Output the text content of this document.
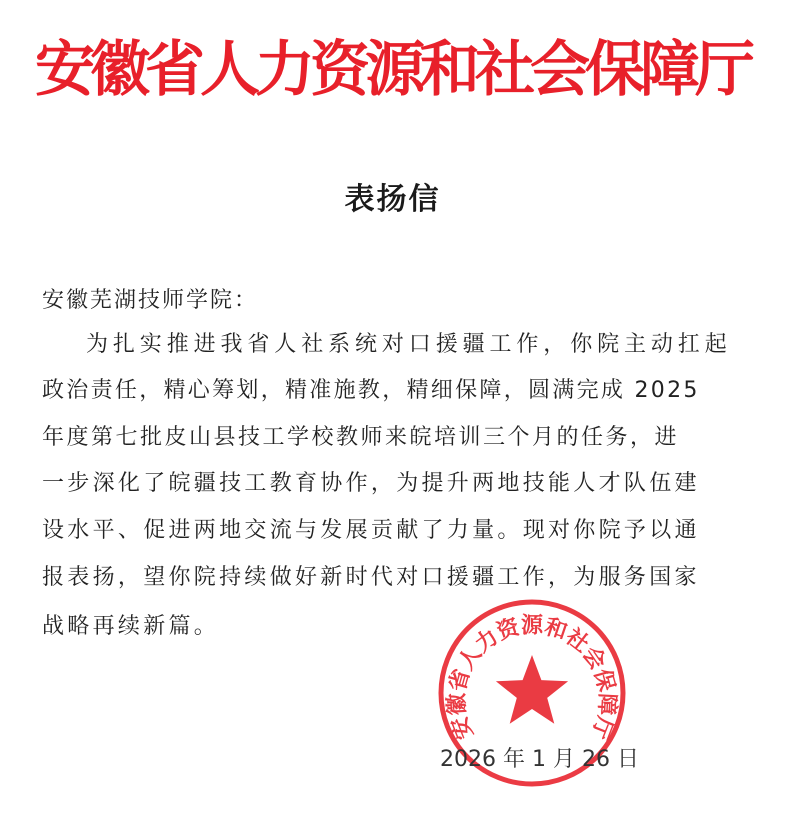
安徽省人力资源和社会保障厅
表扬信
安徽芜湖技师学院：
为扎实推进我省人社系统对口援疆工作，你院主动扛起
政治责任，精心筹划，精准施教，精细保障，圆满完成 2025
年度第七批皮山县技工学校教师来皖培训三个月的任务，进
一步深化了皖疆技工教育协作，为提升两地技能人才队伍建
设水平、促进两地交流与发展贡献了力量。现对你院予以通
报表扬，望你院持续做好新时代对口援疆工作，为服务国家
战略再续新篇。
安徽省人力资源和社会保障厅
2026 年 1 月 26 日
